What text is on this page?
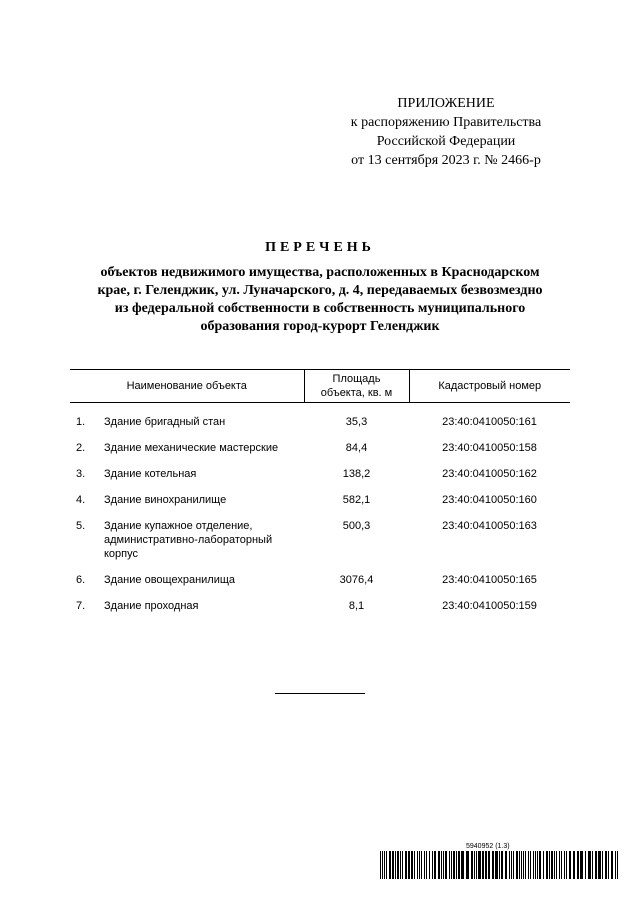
ПРИЛОЖЕНИЕ
к распоряжению Правительства
Российской Федерации
от 13 сентября 2023 г. № 2466-р
ПЕРЕЧЕНЬ
объектов недвижимого имущества, расположенных в Краснодарском
крае, г. Геленджик, ул. Луначарского, д. 4, передаваемых безвозмездно
из федеральной собственности в собственность муниципального
образования город-курорт Геленджик
Наименование объекта		Площадь объекта, кв. м	Кадастровый номер
1.	Здание бригадный стан	35,3	23:40:0410050:161
2.	Здание механические мастерские	84,4	23:40:0410050:158
3.	Здание котельная	138,2	23:40:0410050:162
4.	Здание винохранилище	582,1	23:40:0410050:160
5.	Здание купажное отделение, административно-лабораторный корпус	500,3	23:40:0410050:163
6.	Здание овощехранилища	3076,4	23:40:0410050:165
7.	Здание проходная	8,1	23:40:0410050:159
5940952 (1.3)
